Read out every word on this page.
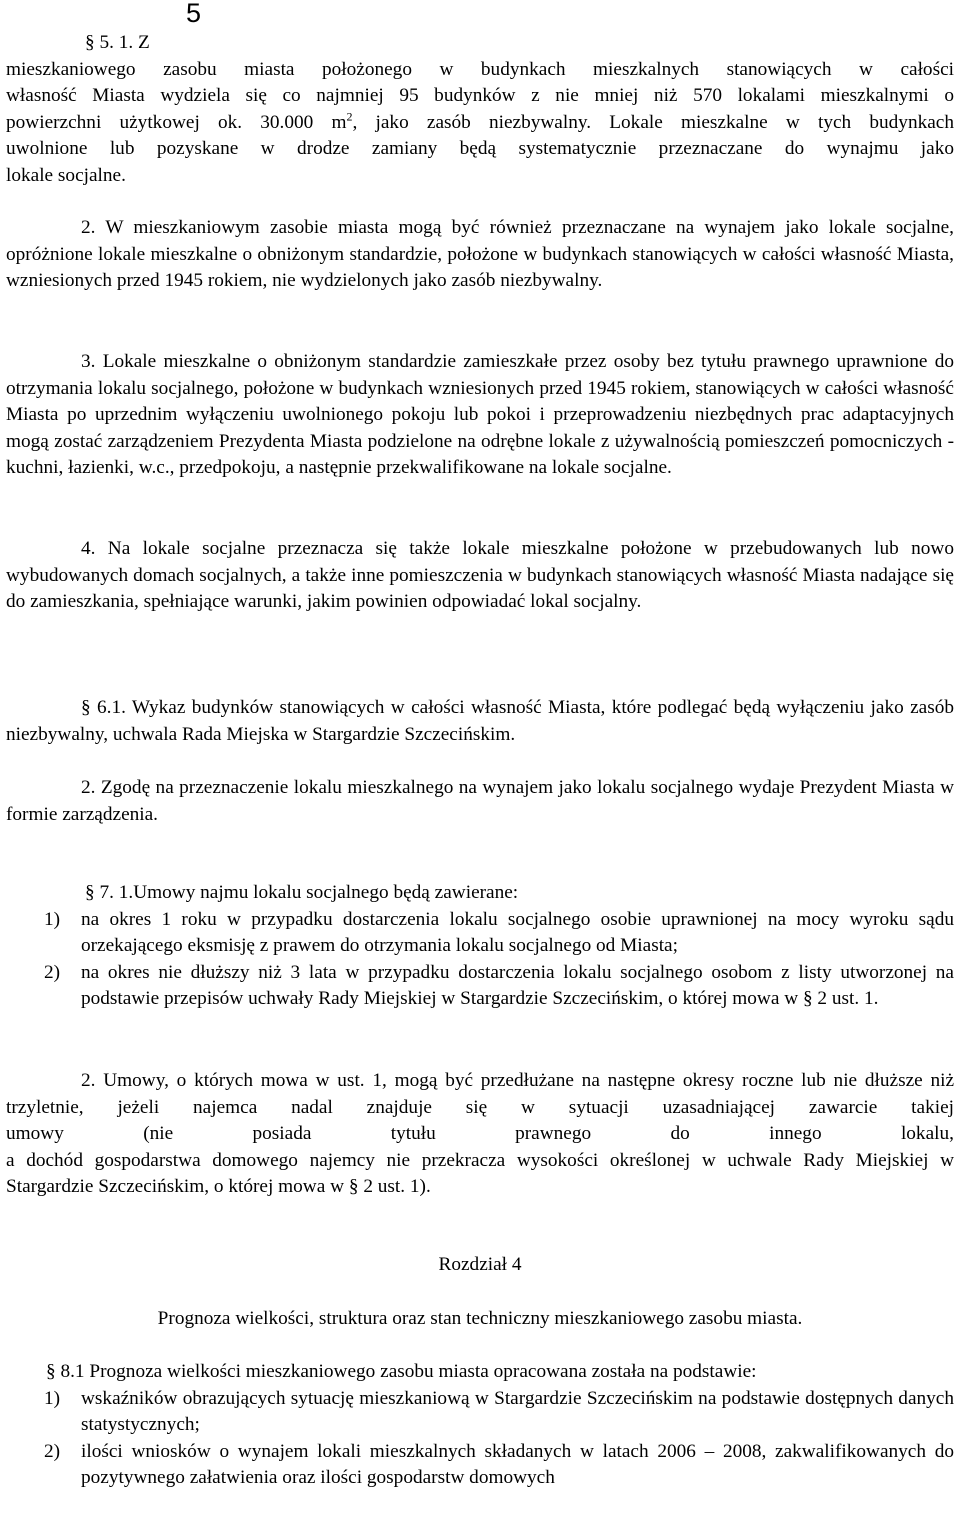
5
§ 5. 1. Z
mieszkaniowego zasobu miasta położonego w budynkach mieszkalnych stanowiących w całości
własność Miasta wydziela się co najmniej 95 budynków z nie mniej niż 570 lokalami mieszkalnymi o
powierzchni użytkowej ok. 30.000 $m^2$, jako zasób niezbywalny. Lokale mieszkalne w tych budynkach
uwolnione lub pozyskane w drodze zamiany będą systematycznie przeznaczane do wynajmu jako
lokale socjalne.

2. W mieszkaniowym zasobie miasta mogą być również przeznaczane na wynajem jako lokale socjalne, opróżnione lokale mieszkalne o obniżonym standardzie, położone w budynkach stanowiących w całości własność Miasta, wzniesionych przed 1945 rokiem, nie wydzielonych jako zasób niezbywalny.

3. Lokale mieszkalne o obniżonym standardzie zamieszkałe przez osoby bez tytułu prawnego uprawnione do otrzymania lokalu socjalnego, położone w budynkach wzniesionych przed 1945 rokiem, stanowiących w całości własność Miasta po uprzednim wyłączeniu uwolnionego pokoju lub pokoi i przeprowadzeniu niezbędnych prac adaptacyjnych mogą zostać zarządzeniem Prezydenta Miasta podzielone na odrębne lokale z używalnością pomieszczeń pomocniczych - kuchni, łazienki, w.c., przedpokoju, a następnie przekwalifikowane na lokale socjalne.

4. Na lokale socjalne przeznacza się także lokale mieszkalne położone w przebudowanych lub nowo wybudowanych domach socjalnych, a także inne pomieszczenia w budynkach stanowiących własność Miasta nadające się do zamieszkania, spełniające warunki, jakim powinien odpowiadać lokal socjalny.

§ 6.1. Wykaz budynków stanowiących w całości własność Miasta, które podlegać będą wyłączeniu jako zasób niezbywalny, uchwala Rada Miejska w Stargardzie Szczecińskim.

2. Zgodę na przeznaczenie lokalu mieszkalnego na wynajem jako lokalu socjalnego wydaje Prezydent Miasta w formie zarządzenia.

§ 7. 1.Umowy najmu lokalu socjalnego będą zawierane:
1) na okres 1 roku w przypadku dostarczenia lokalu socjalnego osobie uprawnionej na mocy wyroku sądu orzekającego eksmisję z prawem do otrzymania lokalu socjalnego od Miasta;
2) na okres nie dłuższy niż 3 lata w przypadku dostarczenia lokalu socjalnego osobom z listy utworzonej na podstawie przepisów uchwały Rady Miejskiej w Stargardzie Szczecińskim, o której mowa w § 2 ust. 1.

2. Umowy, o których mowa w ust. 1, mogą być przedłużane na następne okresy roczne lub nie dłuższe niż trzyletnie, jeżeli najemca nadal znajduje się w sytuacji uzasadniającej zawarcie takiej

umowy	(nie	posiada	tytułu	prawnego	do	innego	lokalu,

a dochód gospodarstwa domowego najemcy nie przekracza wysokości określonej w uchwale Rady Miejskiej w Stargardzie Szczecińskim, o której mowa w § 2 ust. 1).

Rozdział 4

Prognoza wielkości, struktura oraz stan techniczny mieszkaniowego zasobu miasta.

§ 8.1 Prognoza wielkości mieszkaniowego zasobu miasta opracowana została na podstawie:

1) wskaźników obrazujących sytuację mieszkaniową w Stargardzie Szczecińskim na podstawie dostępnych danych statystycznych;
2) ilości wniosków o wynajem lokali mieszkalnych składanych w latach 2006 – 2008, zakwalifikowanych do pozytywnego załatwienia oraz ilości gospodarstw domowych
